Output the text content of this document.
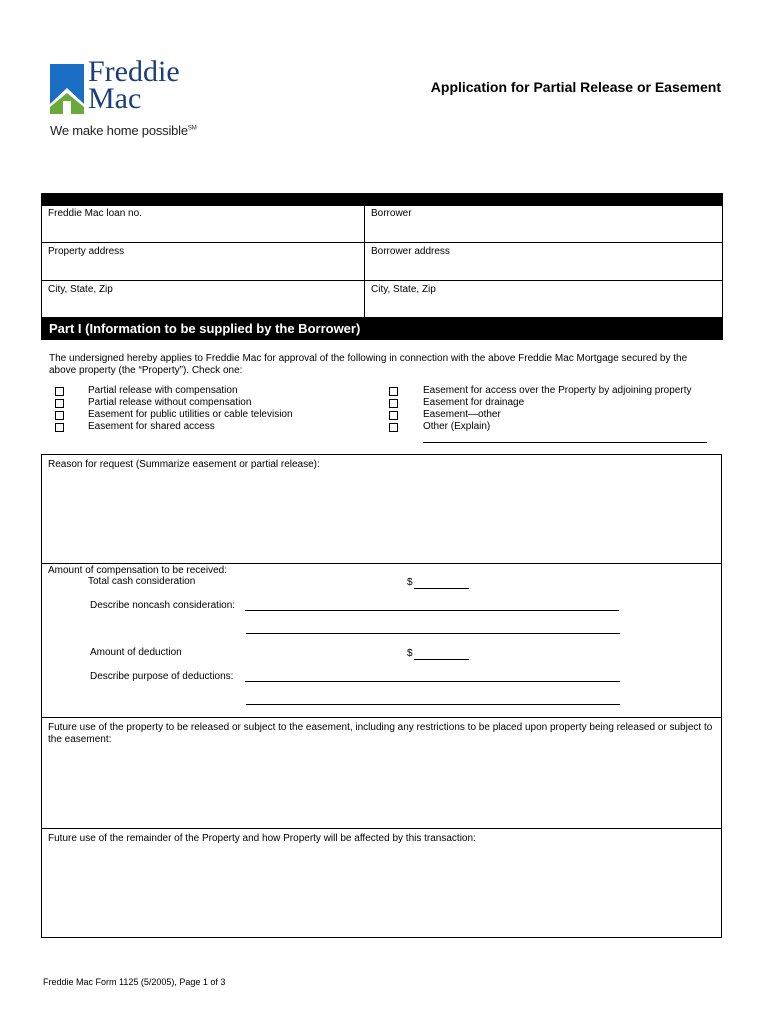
Freddie
Mac
We make home possible℠
Application for Partial Release or Easement
Freddie Mac loan no.	Borrower
Property address	Borrower address
City, State, Zip	City, State, Zip
Part I (Information to be supplied by the Borrower)
The undersigned hereby applies to Freddie Mac for approval of the following in connection with the above Freddie Mac Mortgage secured by the above property (the “Property”). Check one:
Partial release with compensation
Partial release without compensation
Easement for public utilities or cable television
Easement for shared access
Easement for access over the Property by adjoining property
Easement for drainage
Easement—other
Other (Explain)
Reason for request (Summarize easement or partial release):
Amount of compensation to be received:
Total cash consideration	$
Describe noncash consideration:
Amount of deduction	$
Describe purpose of deductions:
Future use of the property to be released or subject to the easement, including any restrictions to be placed upon property being released or subject to the easement:
Future use of the remainder of the Property and how Property will be affected by this transaction:
Freddie Mac Form 1125 (5/2005), Page 1 of 3
